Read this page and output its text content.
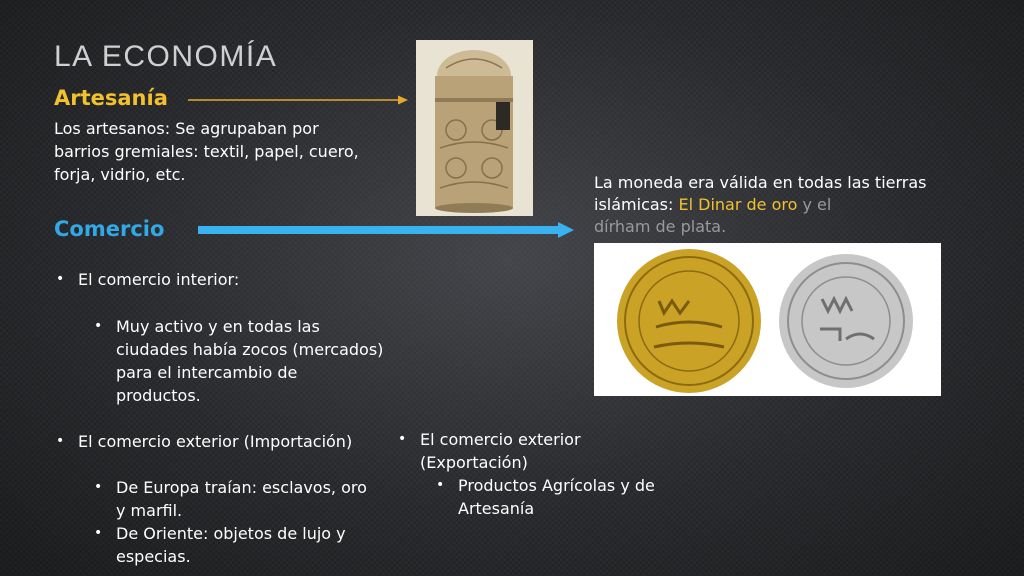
LA ECONOMÍA
Artesanía
Los artesanos: Se agrupaban por barrios gremiales: textil, papel, cuero, forja, vidrio, etc.
Comercio
La moneda era válida en todas las tierras islámicas: El Dinar de oro y el
dírham de plata.
• El comercio interior:
• Muy activo y en todas las ciudades había zocos (mercados) para el intercambio de productos.
• El comercio exterior (Importación)
• De Europa traían: esclavos, oro y marfil.
• De Oriente: objetos de lujo y especias.
• El comercio exterior (Exportación)
• Productos Agrícolas y de Artesanía
